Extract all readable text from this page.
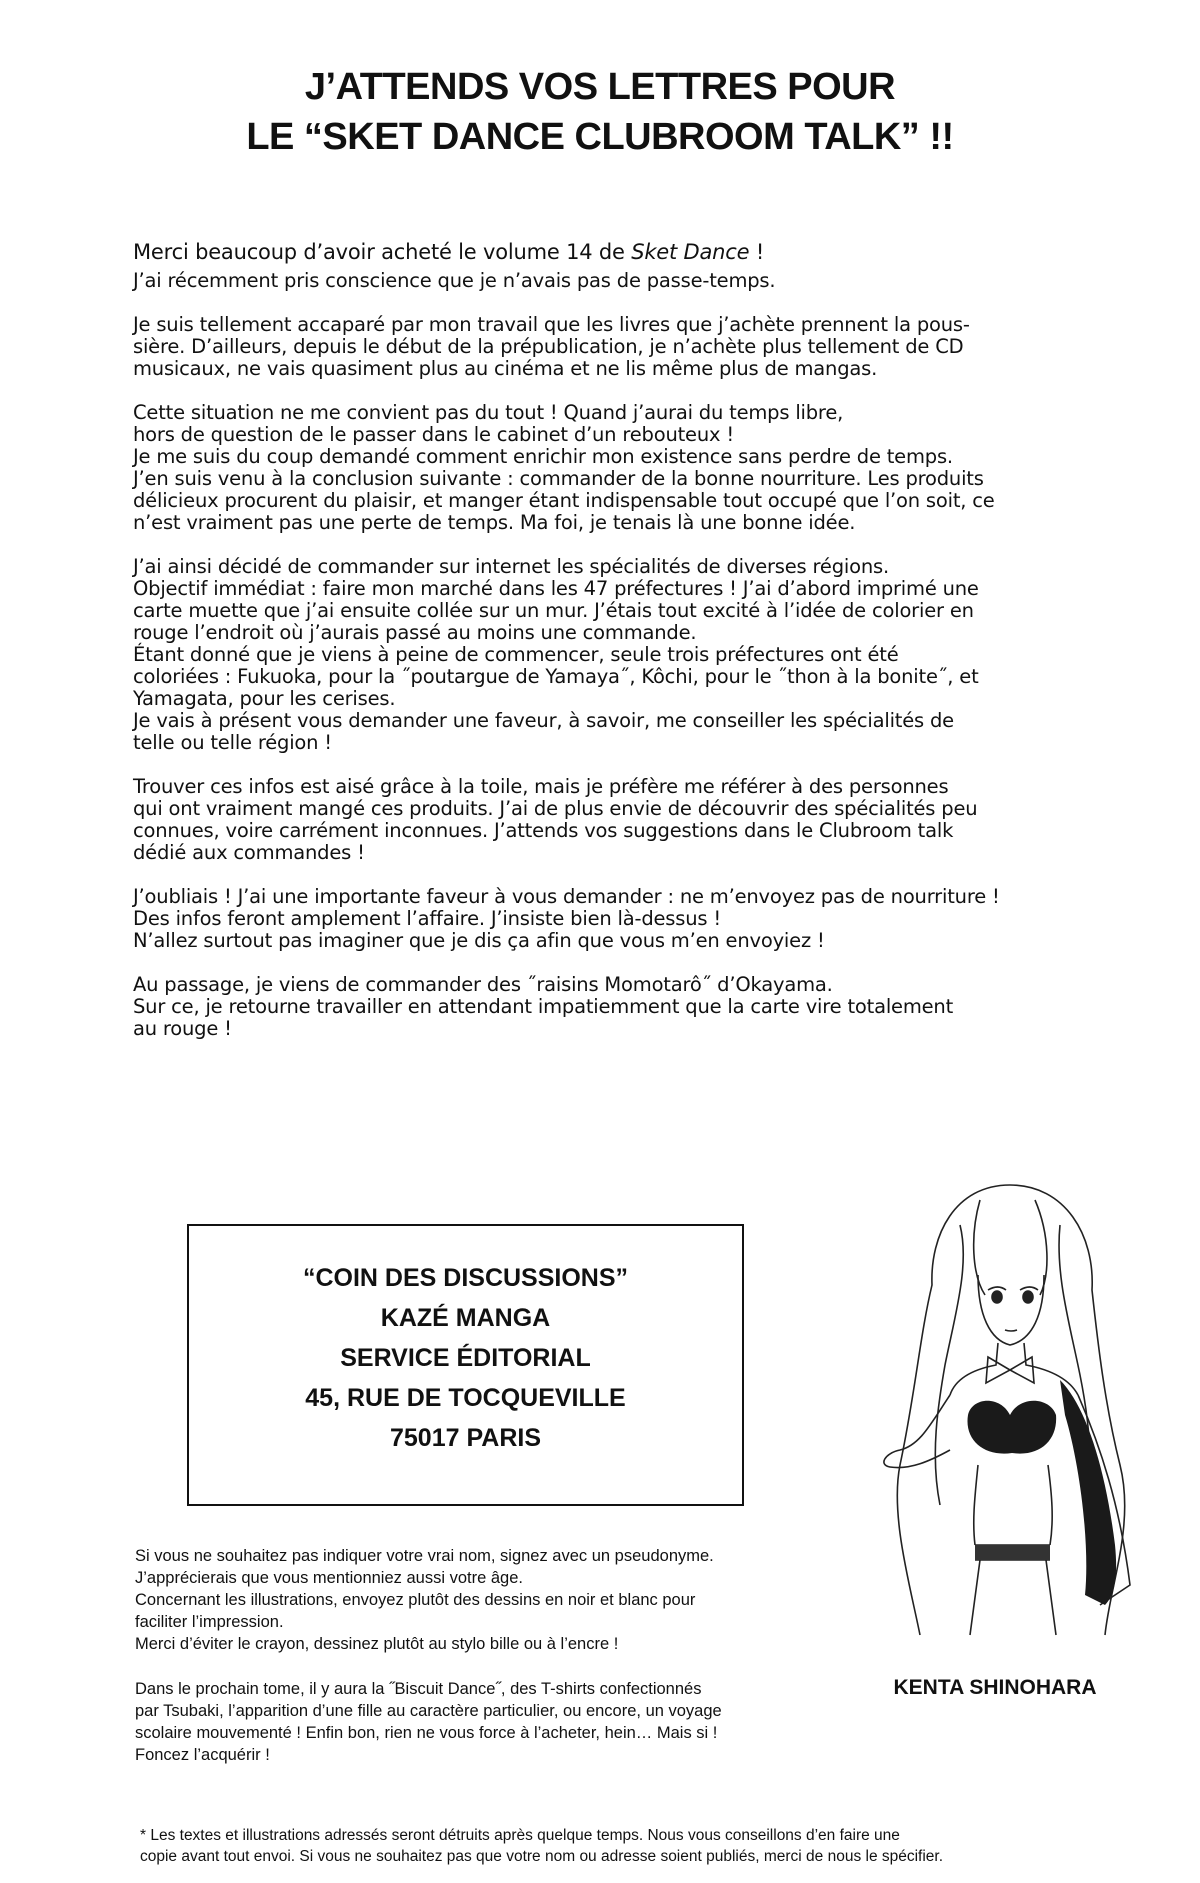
J’ATTENDS VOS LETTRES POUR
LE “SKET DANCE CLUBROOM TALK” !!

Merci beaucoup d’avoir acheté le volume 14 de Sket Dance !

J’ai récemment pris conscience que je n’avais pas de passe-temps.

Je suis tellement accaparé par mon travail que les livres que j’achète prennent la pous-
sière. D’ailleurs, depuis le début de la prépublication, je n’achète plus tellement de CD
musicaux, ne vais quasiment plus au cinéma et ne lis même plus de mangas.

Cette situation ne me convient pas du tout ! Quand j’aurai du temps libre,
hors de question de le passer dans le cabinet d’un rebouteux !
Je me suis du coup demandé comment enrichir mon existence sans perdre de temps.
J’en suis venu à la conclusion suivante : commander de la bonne nourriture. Les produits
délicieux procurent du plaisir, et manger étant indispensable tout occupé que l’on soit, ce
n’est vraiment pas une perte de temps. Ma foi, je tenais là une bonne idée.

J’ai ainsi décidé de commander sur internet les spécialités de diverses régions.
Objectif immédiat : faire mon marché dans les 47 préfectures ! J’ai d’abord imprimé une
carte muette que j’ai ensuite collée sur un mur. J’étais tout excité à l’idée de colorier en
rouge l’endroit où j’aurais passé au moins une commande.
Étant donné que je viens à peine de commencer, seule trois préfectures ont été
coloriées : Fukuoka, pour la ˝poutargue de Yamaya˝, Kôchi, pour le ˝thon à la bonite˝, et
Yamagata, pour les cerises.
Je vais à présent vous demander une faveur, à savoir, me conseiller les spécialités de
telle ou telle région !

Trouver ces infos est aisé grâce à la toile, mais je préfère me référer à des personnes
qui ont vraiment mangé ces produits. J’ai de plus envie de découvrir des spécialités peu
connues, voire carrément inconnues. J’attends vos suggestions dans le Clubroom talk
dédié aux commandes !

J’oubliais ! J’ai une importante faveur à vous demander : ne m’envoyez pas de nourriture !
Des infos feront amplement l’affaire. J’insiste bien là-dessus !
N’allez surtout pas imaginer que je dis ça afin que vous m’en envoyiez !

Au passage, je viens de commander des ˝raisins Momotarô˝ d’Okayama.
Sur ce, je retourne travailler en attendant impatiemment que la carte vire totalement
au rouge !

“COIN DES DISCUSSIONS”
KAZÉ MANGA
SERVICE ÉDITORIAL
45, RUE DE TOCQUEVILLE
75017 PARIS
KENTA SHINOHARA
Si vous ne souhaitez pas indiquer votre vrai nom, signez avec un pseudonyme.
J’apprécierais que vous mentionniez aussi votre âge.
Concernant les illustrations, envoyez plutôt des dessins en noir et blanc pour
faciliter l’impression.
Merci d’éviter le crayon, dessinez plutôt au stylo bille ou à l’encre !
Dans le prochain tome, il y aura la ˝Biscuit Dance˝, des T-shirts confectionnés
par Tsubaki, l’apparition d’une fille au caractère particulier, ou encore, un voyage
scolaire mouvementé ! Enfin bon, rien ne vous force à l’acheter, hein… Mais si !
Foncez l’acquérir !
* Les textes et illustrations adressés seront détruits après quelque temps. Nous vous conseillons d’en faire une
copie avant tout envoi. Si vous ne souhaitez pas que votre nom ou adresse soient publiés, merci de nous le spécifier.
